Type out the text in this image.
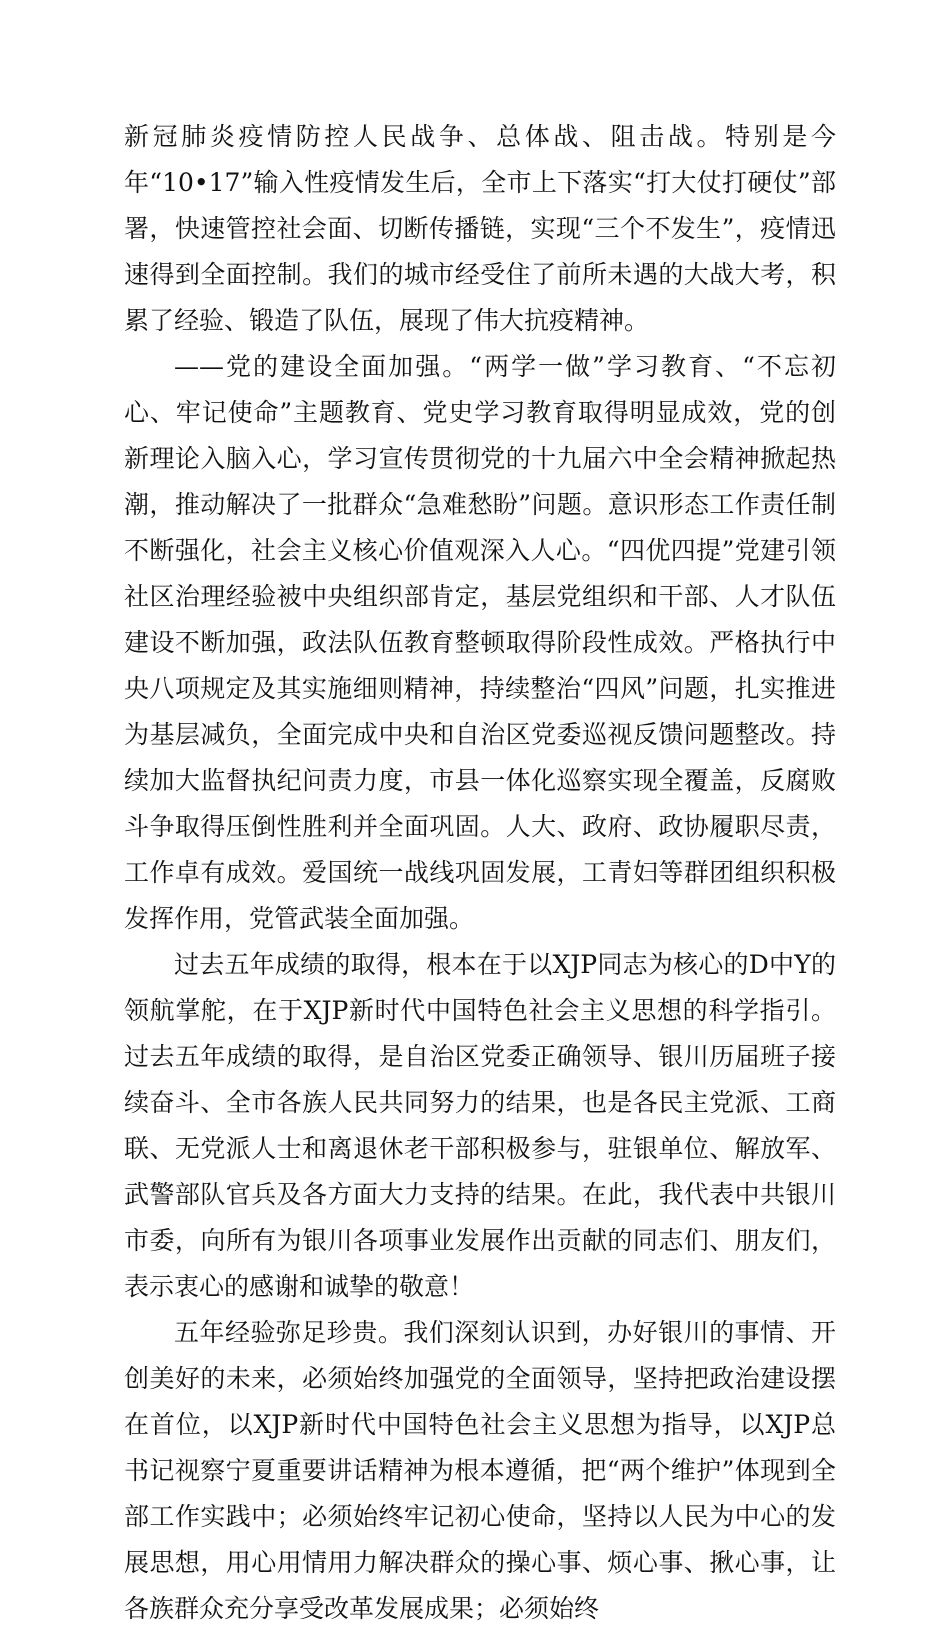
新冠肺炎疫情防控人民战争、总体战、阻击战。特别是今年“10•17”输入性疫情发生后，全市上下落实“打大仗打硬仗”部署，快速管控社会面、切断传播链，实现“三个不发生”，疫情迅速得到全面控制。我们的城市经受住了前所未遇的大战大考，积累了经验、锻造了队伍，展现了伟大抗疫精神。

——党的建设全面加强。“两学一做”学习教育、“不忘初心、牢记使命”主题教育、党史学习教育取得明显成效，党的创新理论入脑入心，学习宣传贯彻党的十九届六中全会精神掀起热潮，推动解决了一批群众“急难愁盼”问题。意识形态工作责任制不断强化，社会主义核心价值观深入人心。“四优四提”党建引领社区治理经验被中央组织部肯定，基层党组织和干部、人才队伍建设不断加强，政法队伍教育整顿取得阶段性成效。严格执行中央八项规定及其实施细则精神，持续整治“四风”问题，扎实推进为基层减负，全面完成中央和自治区党委巡视反馈问题整改。持续加大监督执纪问责力度，市县一体化巡察实现全覆盖，反腐败斗争取得压倒性胜利并全面巩固。人大、政府、政协履职尽责，工作卓有成效。爱国统一战线巩固发展，工青妇等群团组织积极发挥作用，党管武装全面加强。

过去五年成绩的取得，根本在于以XJP同志为核心的D中Y的领航掌舵，在于XJP新时代中国特色社会主义思想的科学指引。过去五年成绩的取得，是自治区党委正确领导、银川历届班子接续奋斗、全市各族人民共同努力的结果，也是各民主党派、工商联、无党派人士和离退休老干部积极参与，驻银单位、解放军、武警部队官兵及各方面大力支持的结果。在此，我代表中共银川市委，向所有为银川各项事业发展作出贡献的同志们、朋友们，表示衷心的感谢和诚挚的敬意！

五年经验弥足珍贵。我们深刻认识到，办好银川的事情、开创美好的未来，必须始终加强党的全面领导，坚持把政治建设摆在首位，以XJP新时代中国特色社会主义思想为指导，以XJP总书记视察宁夏重要讲话精神为根本遵循，把“两个维护”体现到全部工作实践中；必须始终牢记初心使命，坚持以人民为中心的发展思想，用心用情用力解决群众的操心事、烦心事、揪心事，让各族群众充分享受改革发展成果；必须始终
